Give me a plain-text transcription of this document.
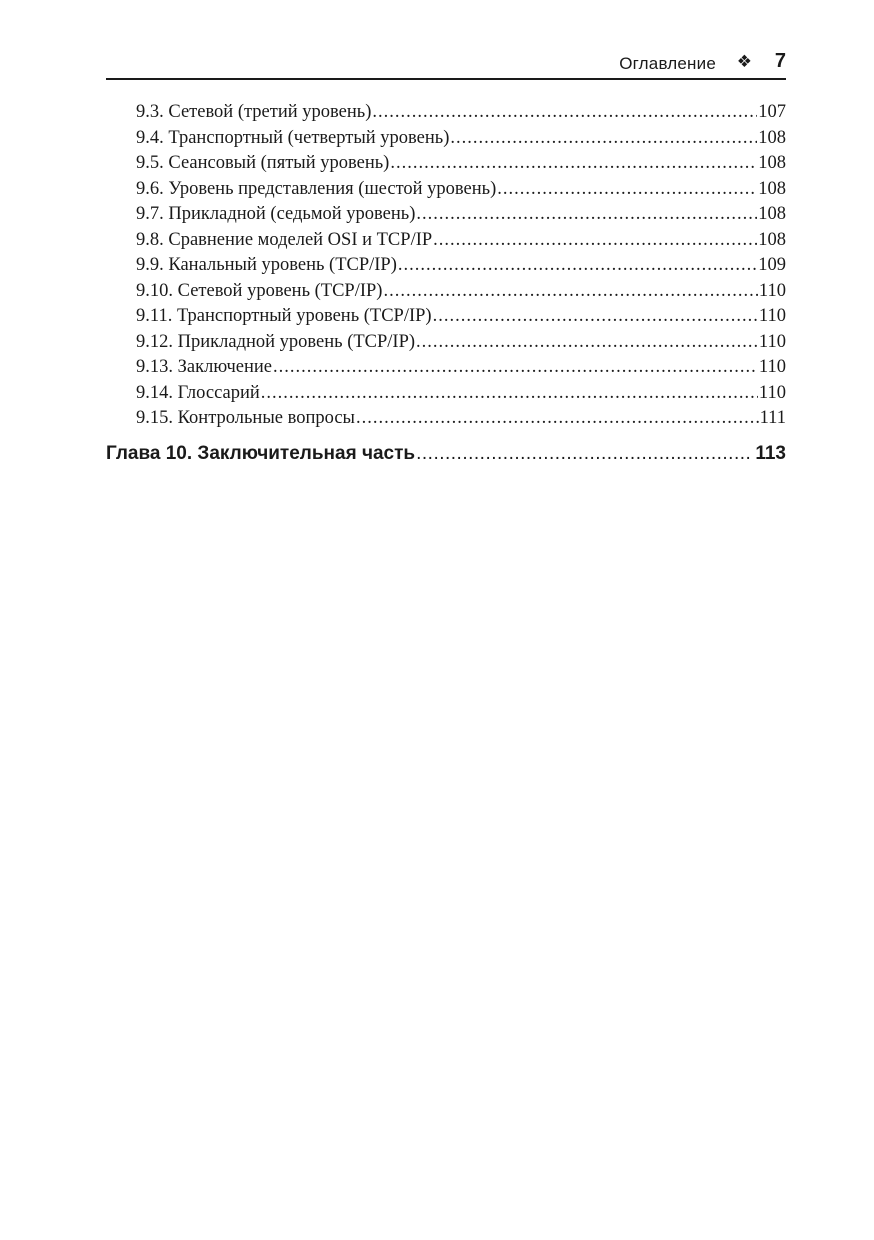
Оглавление ❖ 7
9.3. Сетевой (третий уровень) .....	107
9.4. Транспортный (четвертый уровень) .....	108
9.5. Сеансовый (пятый уровень) .....	108
9.6. Уровень представления (шестой уровень) .....	108
9.7. Прикладной (седьмой уровень) .....	108
9.8. Сравнение моделей OSI и TCP/IP .....	108
9.9. Канальный уровень (TCP/IP) .....	109
9.10. Сетевой уровень (TCP/IP) .....	110
9.11. Транспортный уровень (TCP/IP) .....	110
9.12. Прикладной уровень (TCP/IP) .....	110
9.13. Заключение .....	110
9.14. Глоссарий .....	110
9.15. Контрольные вопросы .....	111
Глава 10. Заключительная часть .....	113
